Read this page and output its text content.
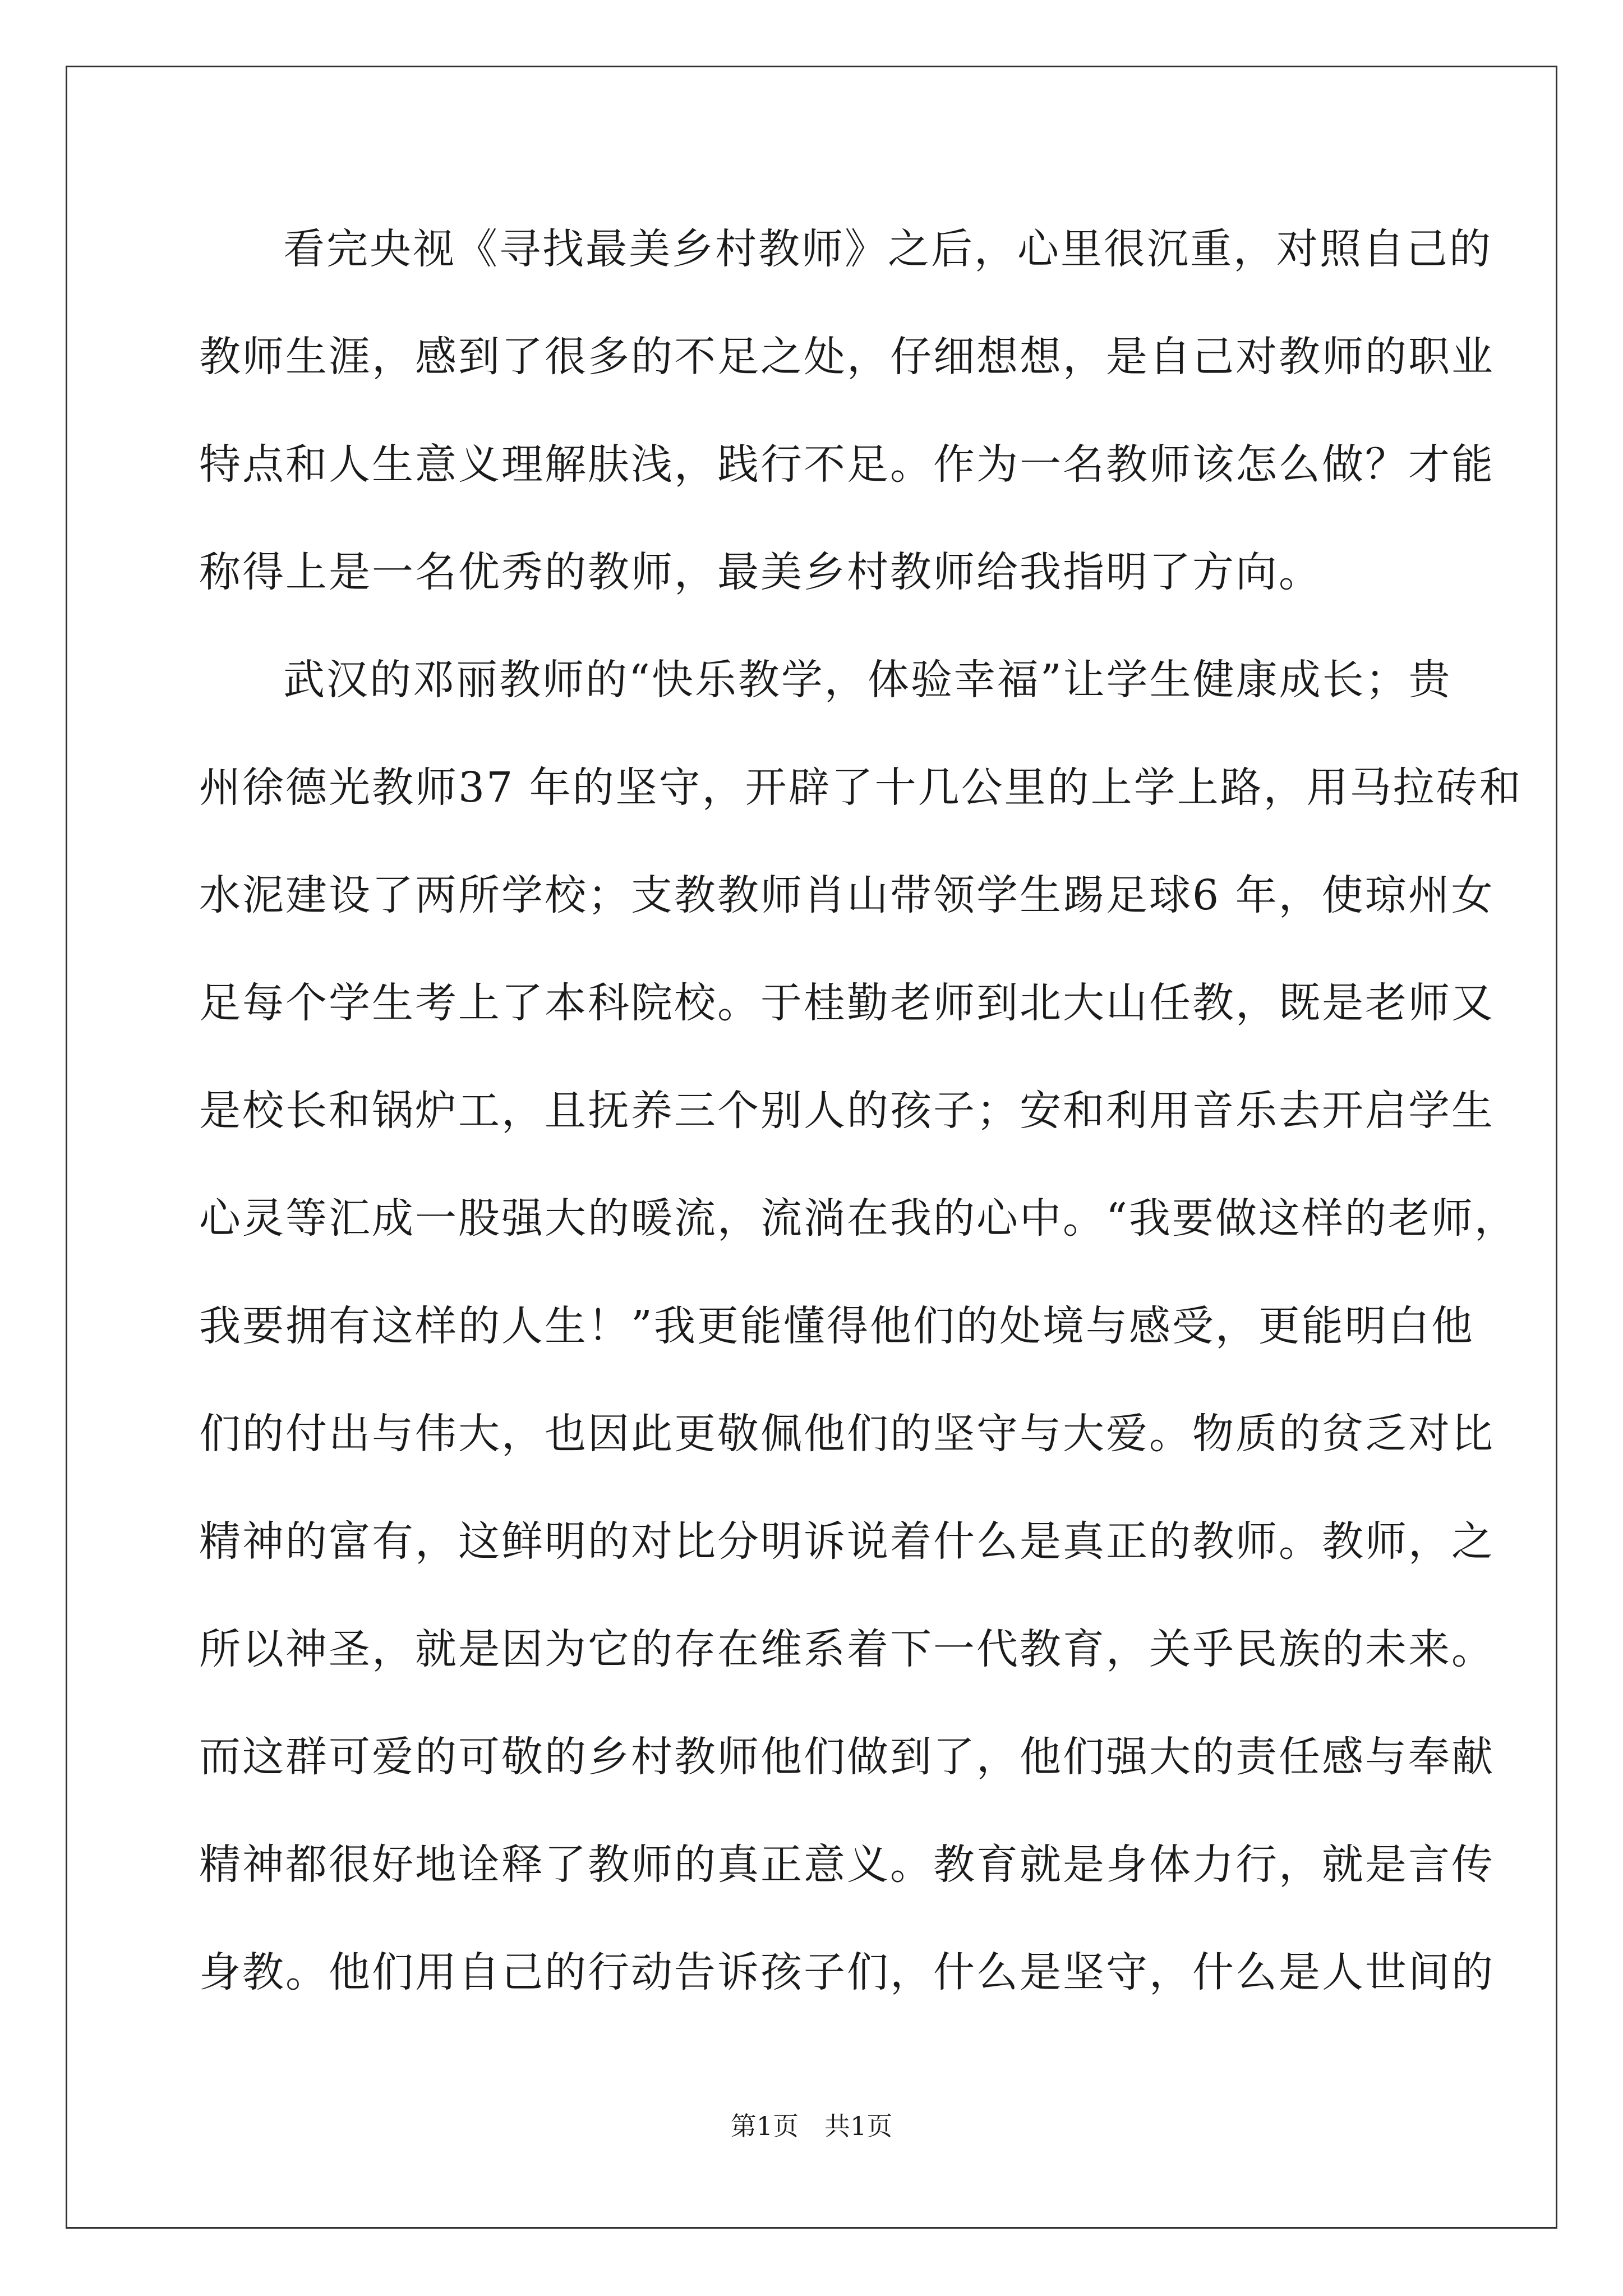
看完央视《寻找最美乡村教师》之后，心里很沉重，对照自己的
教师生涯，感到了很多的不足之处，仔细想想，是自己对教师的职业
特点和人生意义理解肤浅，践行不足。作为一名教师该怎么做？才能
称得上是一名优秀的教师，最美乡村教师给我指明了方向。
武汉的邓丽教师的“快乐教学，体验幸福”让学生健康成长；贵
州徐德光教师37 年的坚守，开辟了十几公里的上学上路，用马拉砖和
水泥建设了两所学校；支教教师肖山带领学生踢足球6 年，使琼州女
足每个学生考上了本科院校。于桂勤老师到北大山任教，既是老师又
是校长和锅炉工，且抚养三个别人的孩子；安和利用音乐去开启学生
心灵等汇成一股强大的暖流，流淌在我的心中。“我要做这样的老师，
我要拥有这样的人生！”我更能懂得他们的处境与感受，更能明白他
们的付出与伟大，也因此更敬佩他们的坚守与大爱。物质的贫乏对比
精神的富有，这鲜明的对比分明诉说着什么是真正的教师。教师，之
所以神圣，就是因为它的存在维系着下一代教育，关乎民族的未来。
而这群可爱的可敬的乡村教师他们做到了，他们强大的责任感与奉献
精神都很好地诠释了教师的真正意义。教育就是身体力行，就是言传
身教。他们用自己的行动告诉孩子们，什么是坚守，什么是人世间的
第1页 共1页
